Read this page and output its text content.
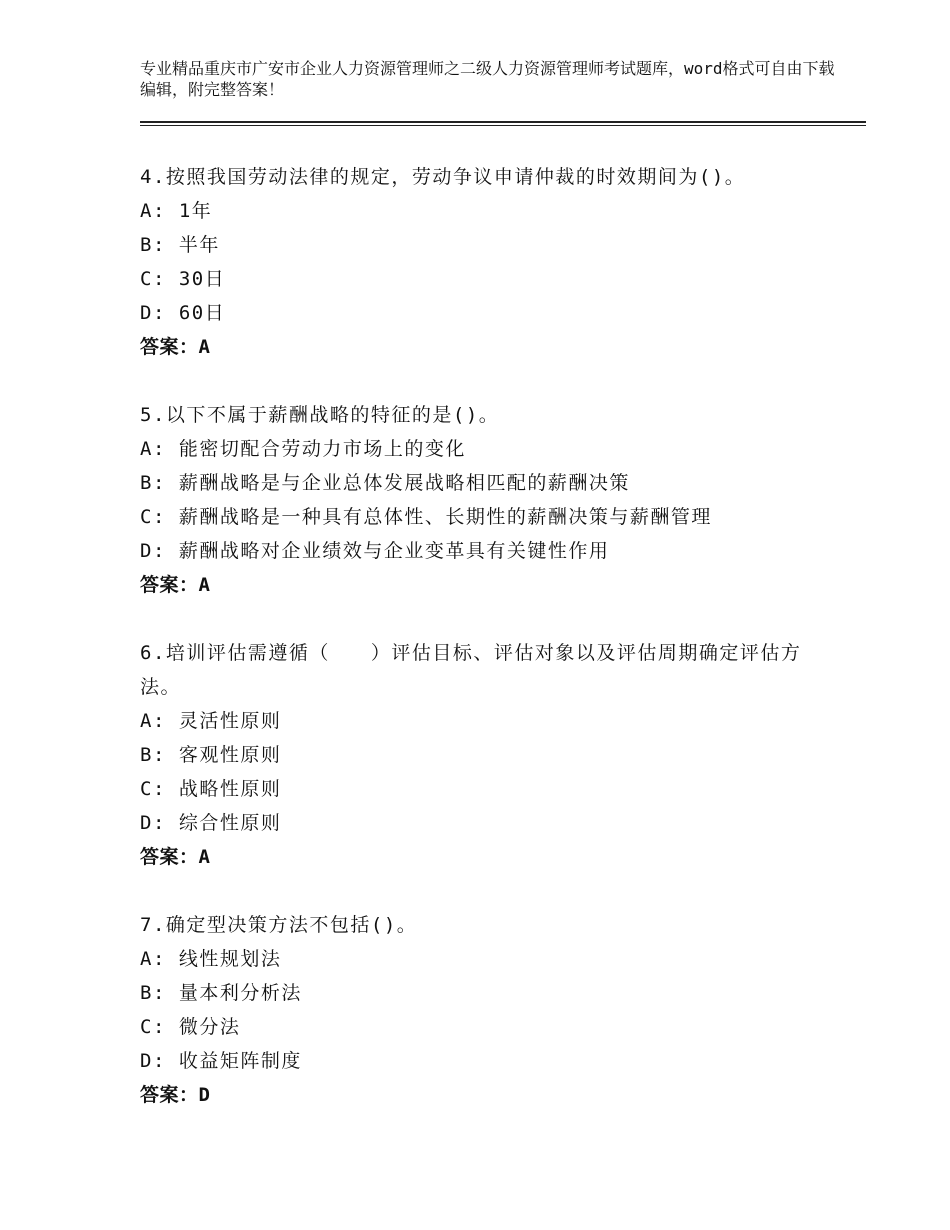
专业精品重庆市广安市企业人力资源管理师之二级人力资源管理师考试题库，word格式可自由下载编辑，附完整答案！
4.按照我国劳动法律的规定，劳动争议申请仲裁的时效期间为()。
A: 1年
B: 半年
C: 30日
D: 60日
答案：A
5.以下不属于薪酬战略的特征的是()。
A: 能密切配合劳动力市场上的变化
B: 薪酬战略是与企业总体发展战略相匹配的薪酬决策
C: 薪酬战略是一种具有总体性、长期性的薪酬决策与薪酬管理
D: 薪酬战略对企业绩效与企业变革具有关键性作用
答案：A
6.培训评估需遵循（　　）评估目标、评估对象以及评估周期确定评估方法。
A: 灵活性原则
B: 客观性原则
C: 战略性原则
D: 综合性原则
答案：A
7.确定型决策方法不包括()。
A: 线性规划法
B: 量本利分析法
C: 微分法
D: 收益矩阵制度
答案：D
